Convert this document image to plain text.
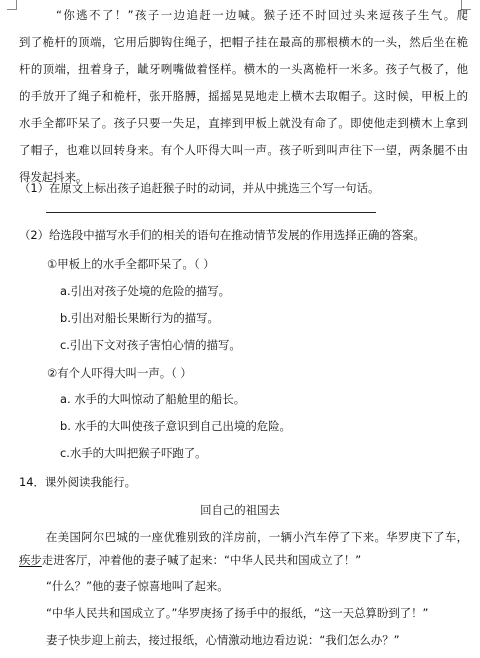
“你逃不了！”孩子一边追赶一边喊。猴子还不时回过头来逗孩子生气。爬
到了桅杆的顶端，它用后脚钩住绳子，把帽子挂在最高的那根横木的一头，然后坐在桅
杆的顶端，扭着身子，龇牙咧嘴做着怪样。横木的一头离桅杆一米多。孩子气极了，他
的手放开了绳子和桅杆，张开胳膊，摇摇晃晃地走上横木去取帽子。这时候，甲板上的
水手全都吓呆了。孩子只要一失足，直摔到甲板上就没有命了。即使他走到横木上拿到
了帽子，也难以回转身来。有个人吓得大叫一声。孩子听到叫声往下一望，两条腿不由
得发起抖来。
（1）在原文上标出孩子追赶猴子时的动词，并从中挑选三个写一句话。
（2）给选段中描写水手们的相关的语句在推动情节发展的作用选择正确的答案。
①甲板上的水手全都吓呆了。（ ）
a.引出对孩子处境的危险的描写。
b.引出对船长果断行为的描写。
c.引出下文对孩子害怕心情的描写。
②有个人吓得大叫一声。（ ）
a. 水手的大叫惊动了船舱里的船长。
b. 水手的大叫使孩子意识到自己出境的危险。
c.水手的大叫把猴子吓跑了。
14．课外阅读我能行。
回自己的祖国去
在美国阿尔巴城的一座优雅别致的洋房前，一辆小汽车停了下来。华罗庚下了车，
疾步走进客厅，冲着他的妻子喊了起来：“中华人民共和国成立了！”
“什么？”他的妻子惊喜地叫了起来。
“中华人民共和国成立了。”华罗庚扬了扬手中的报纸，“这一天总算盼到了！”
妻子快步迎上前去，接过报纸，心情激动地边看边说：“我们怎么办？”
